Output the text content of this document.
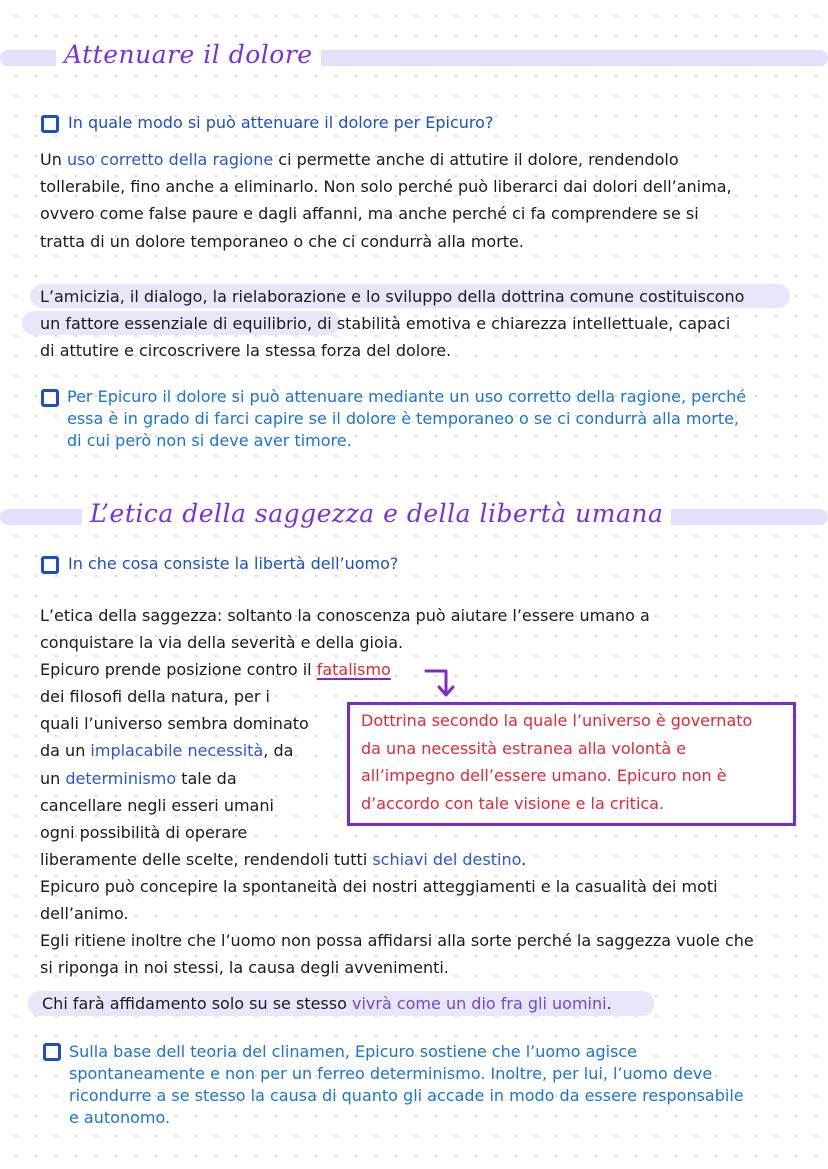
Attenuare il dolore
In quale modo si può attenuare il dolore per Epicuro?
Un uso corretto della ragione ci permette anche di attutire il dolore, rendendolo
tollerabile, fino anche a eliminarlo. Non solo perché può liberarci dai dolori dell’anima,
ovvero come false paure e dagli affanni, ma anche perché ci fa comprendere se si
tratta di un dolore temporaneo o che ci condurrà alla morte.
L’amicizia, il dialogo, la rielaborazione e lo sviluppo della dottrina comune costituiscono
un fattore essenziale di equilibrio, di stabilità emotiva e chiarezza intellettuale, capaci
di attutire e circoscrivere la stessa forza del dolore.
Per Epicuro il dolore si può attenuare mediante un uso corretto della ragione, perché
essa è in grado di farci capire se il dolore è temporaneo o se ci condurrà alla morte,
di cui però non si deve aver timore.
L’etica della saggezza e della libertà umana
In che cosa consiste la libertà dell’uomo?
L’etica della saggezza: soltanto la conoscenza può aiutare l’essere umano a
conquistare la via della severità e della gioia.
Epicuro prende posizione contro il fatalismo
dei filosofi della natura, per i
quali l’universo sembra dominato
da un implacabile necessità, da
un determinismo tale da
cancellare negli esseri umani
ogni possibilità di operare
liberamente delle scelte, rendendoli tutti schiavi del destino.
Epicuro può concepire la spontaneità dei nostri atteggiamenti e la casualità dei moti
dell’animo.
Egli ritiene inoltre che l’uomo non possa affidarsi alla sorte perché la saggezza vuole che
si riponga in noi stessi, la causa degli avvenimenti.
Dottrina secondo la quale l’universo è governato
da una necessità estranea alla volontà e
all’impegno dell’essere umano. Epicuro non è
d’accordo con tale visione e la critica.
Chi farà affidamento solo su se stesso vivrà come un dio fra gli uomini.
Sulla base dell teoria del clinamen, Epicuro sostiene che l’uomo agisce
spontaneamente e non per un ferreo determinismo. Inoltre, per lui, l’uomo deve
ricondurre a se stesso la causa di quanto gli accade in modo da essere responsabile
e autonomo.
